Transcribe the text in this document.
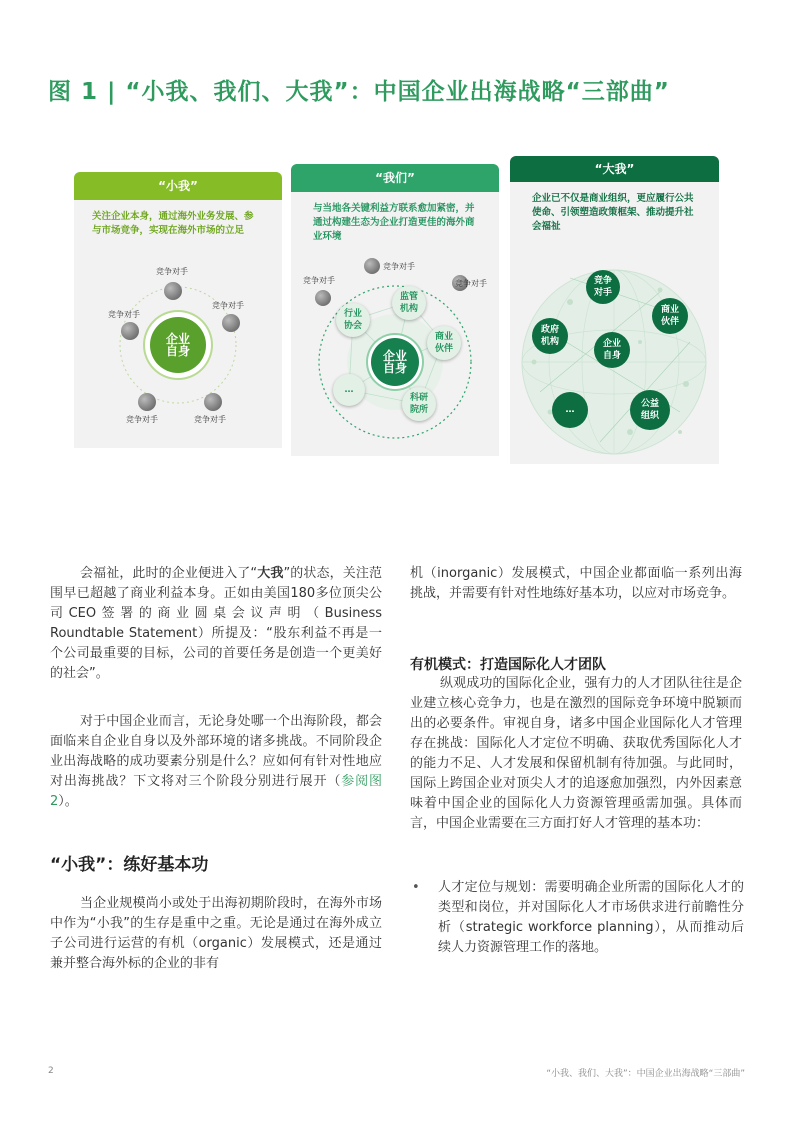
图 1 | “小我、我们、大我”：中国企业出海战略“三部曲”
“小我”
关注企业本身，通过海外业务发展、参与市场竞争，实现在海外市场的立足
企业
自身
竞争对手
竞争对手
竞争对手
竞争对手	竞争对手
“我们”
与当地各关键利益方联系愈加紧密，并通过构建生态为企业打造更佳的海外商业环境
竞争对手
竞争对手	竞争对手
企业
自身
监管
机构
行业
协会
商业
伙伴
…
科研
院所
“大我”
企业已不仅是商业组织，更应履行公共使命、引领塑造政策框架、推动提升社会福祉
竞争
对手
政府
机构	企业
自身
商业
伙伴
…
公益
组织

会福祉，此时的企业便进入了“大我”的状态，关注范围早已超越了商业利益本身。正如由美国180多位顶尖公司CEO签署的商业圆桌会议声明（Business Roundtable Statement）所提及：“股东利益不再是一个公司最重要的目标，公司的首要任务是创造一个更美好的社会”。

对于中国企业而言，无论身处哪一个出海阶段，都会面临来自企业自身以及外部环境的诸多挑战。不同阶段企业出海战略的成功要素分别是什么？应如何有针对性地应对出海挑战？下文将对三个阶段分别进行展开（参阅图2）。

“小我”：练好基本功

当企业规模尚小或处于出海初期阶段时，在海外市场中作为“小我”的生存是重中之重。无论是通过在海外成立子公司进行运营的有机（organic）发展模式，还是通过兼并整合海外标的企业的非有

机（inorganic）发展模式，中国企业都面临一系列出海挑战，并需要有针对性地练好基本功，以应对市场竞争。

有机模式：打造国际化人才团队

纵观成功的国际化企业，强有力的人才团队往往是企业建立核心竞争力，也是在激烈的国际竞争环境中脱颖而出的必要条件。审视自身，诸多中国企业国际化人才管理存在挑战：国际化人才定位不明确、获取优秀国际化人才的能力不足、人才发展和保留机制有待加强。与此同时，国际上跨国企业对顶尖人才的追逐愈加强烈，内外因素意味着中国企业的国际化人力资源管理亟需加强。具体而言，中国企业需要在三方面打好人才管理的基本功：

• 人才定位与规划：需要明确企业所需的国际化人才的类型和岗位，并对国际化人才市场供求进行前瞻性分析（strategic workforce planning），从而推动后续人力资源管理工作的落地。

2	“小我、我们、大我”：中国企业出海战略“三部曲”
